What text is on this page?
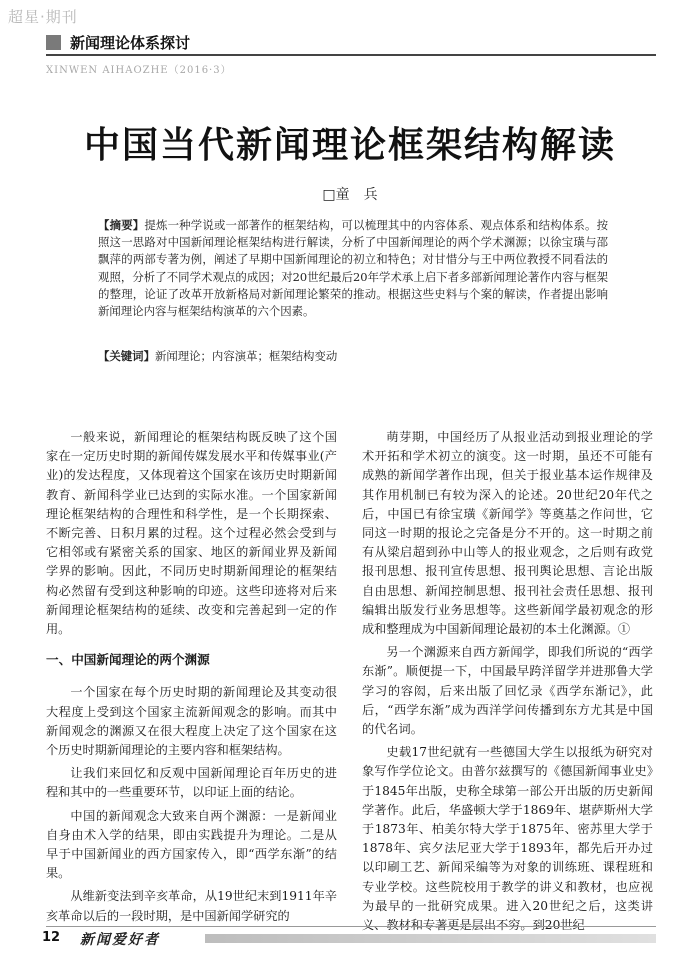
超星·期刊
新闻理论体系探讨
XINWEN AIHAOZHE（2016·3）
中国当代新闻理论框架结构解读
□童　兵
【摘要】提炼一种学说或一部著作的框架结构，可以梳理其中的内容体系、观点体系和结构体系。按照这一思路对中国新闻理论框架结构进行解读，分析了中国新闻理论的两个学术渊源；以徐宝璜与邵飘萍的两部专著为例，阐述了早期中国新闻理论的初立和特色；对甘惜分与王中两位教授不同看法的观照，分析了不同学术观点的成因；对20世纪最后20年学术承上启下者多部新闻理论著作内容与框架的整理，论证了改革开放新格局对新闻理论繁荣的推动。根据这些史料与个案的解读，作者提出影响新闻理论内容与框架结构演革的六个因素。
【关键词】新闻理论；内容演革；框架结构变动

一般来说，新闻理论的框架结构既反映了这个国家在一定历史时期的新闻传媒发展水平和传媒事业(产业)的发达程度，又体现着这个国家在该历史时期新闻教育、新闻科学业已达到的实际水准。一个国家新闻理论框架结构的合理性和科学性，是一个长期探索、不断完善、日积月累的过程。这个过程必然会受到与它相邻或有紧密关系的国家、地区的新闻业界及新闻学界的影响。因此，不同历史时期新闻理论的框架结构必然留有受到这种影响的印迹。这些印迹将对后来新闻理论框架结构的延续、改变和完善起到一定的作用。

一、中国新闻理论的两个渊源

一个国家在每个历史时期的新闻理论及其变动很大程度上受到这个国家主流新闻观念的影响。而其中新闻观念的渊源又在很大程度上决定了这个国家在这个历史时期新闻理论的主要内容和框架结构。

让我们来回忆和反观中国新闻理论百年历史的进程和其中的一些重要环节，以印证上面的结论。

中国的新闻观念大致来自两个渊源：一是新闻业自身由术入学的结果，即由实践提升为理论。二是从早于中国新闻业的西方国家传入，即“西学东渐”的结果。

从维新变法到辛亥革命，从19世纪末到1911年辛亥革命以后的一段时期，是中国新闻学研究的

萌芽期，中国经历了从报业活动到报业理论的学术开拓和学术初立的演变。这一时期，虽还不可能有成熟的新闻学著作出现，但关于报业基本运作规律及其作用机制已有较为深入的论述。20世纪20年代之后，中国已有徐宝璜《新闻学》等奠基之作问世，它同这一时期的报论之完备是分不开的。这一时期之前有从梁启超到孙中山等人的报业观念，之后则有政党报刊思想、报刊宣传思想、报刊舆论思想、言论出版自由思想、新闻控制思想、报刊社会责任思想、报刊编辑出版发行业务思想等。这些新闻学最初观念的形成和整理成为中国新闻理论最初的本土化渊源。①

另一个渊源来自西方新闻学，即我们所说的“西学东渐”。顺便提一下，中国最早跨洋留学并进那鲁大学学习的容闳，后来出版了回忆录《西学东渐记》，此后，“西学东渐”成为西洋学问传播到东方尤其是中国的代名词。

史载17世纪就有一些德国大学生以报纸为研究对象写作学位论文。由普尔兹撰写的《德国新闻事业史》于1845年出版，史称全球第一部公开出版的历史新闻学著作。此后，华盛顿大学于1869年、堪萨斯州大学于1873年、柏美尔特大学于1875年、密苏里大学于1878年、宾夕法尼亚大学于1893年，都先后开办过以印刷工艺、新闻采编等为对象的训练班、课程班和专业学校。这些院校用于教学的讲义和教材，也应视为最早的一批研究成果。进入20世纪之后，这类讲

12 新闻爱好者
